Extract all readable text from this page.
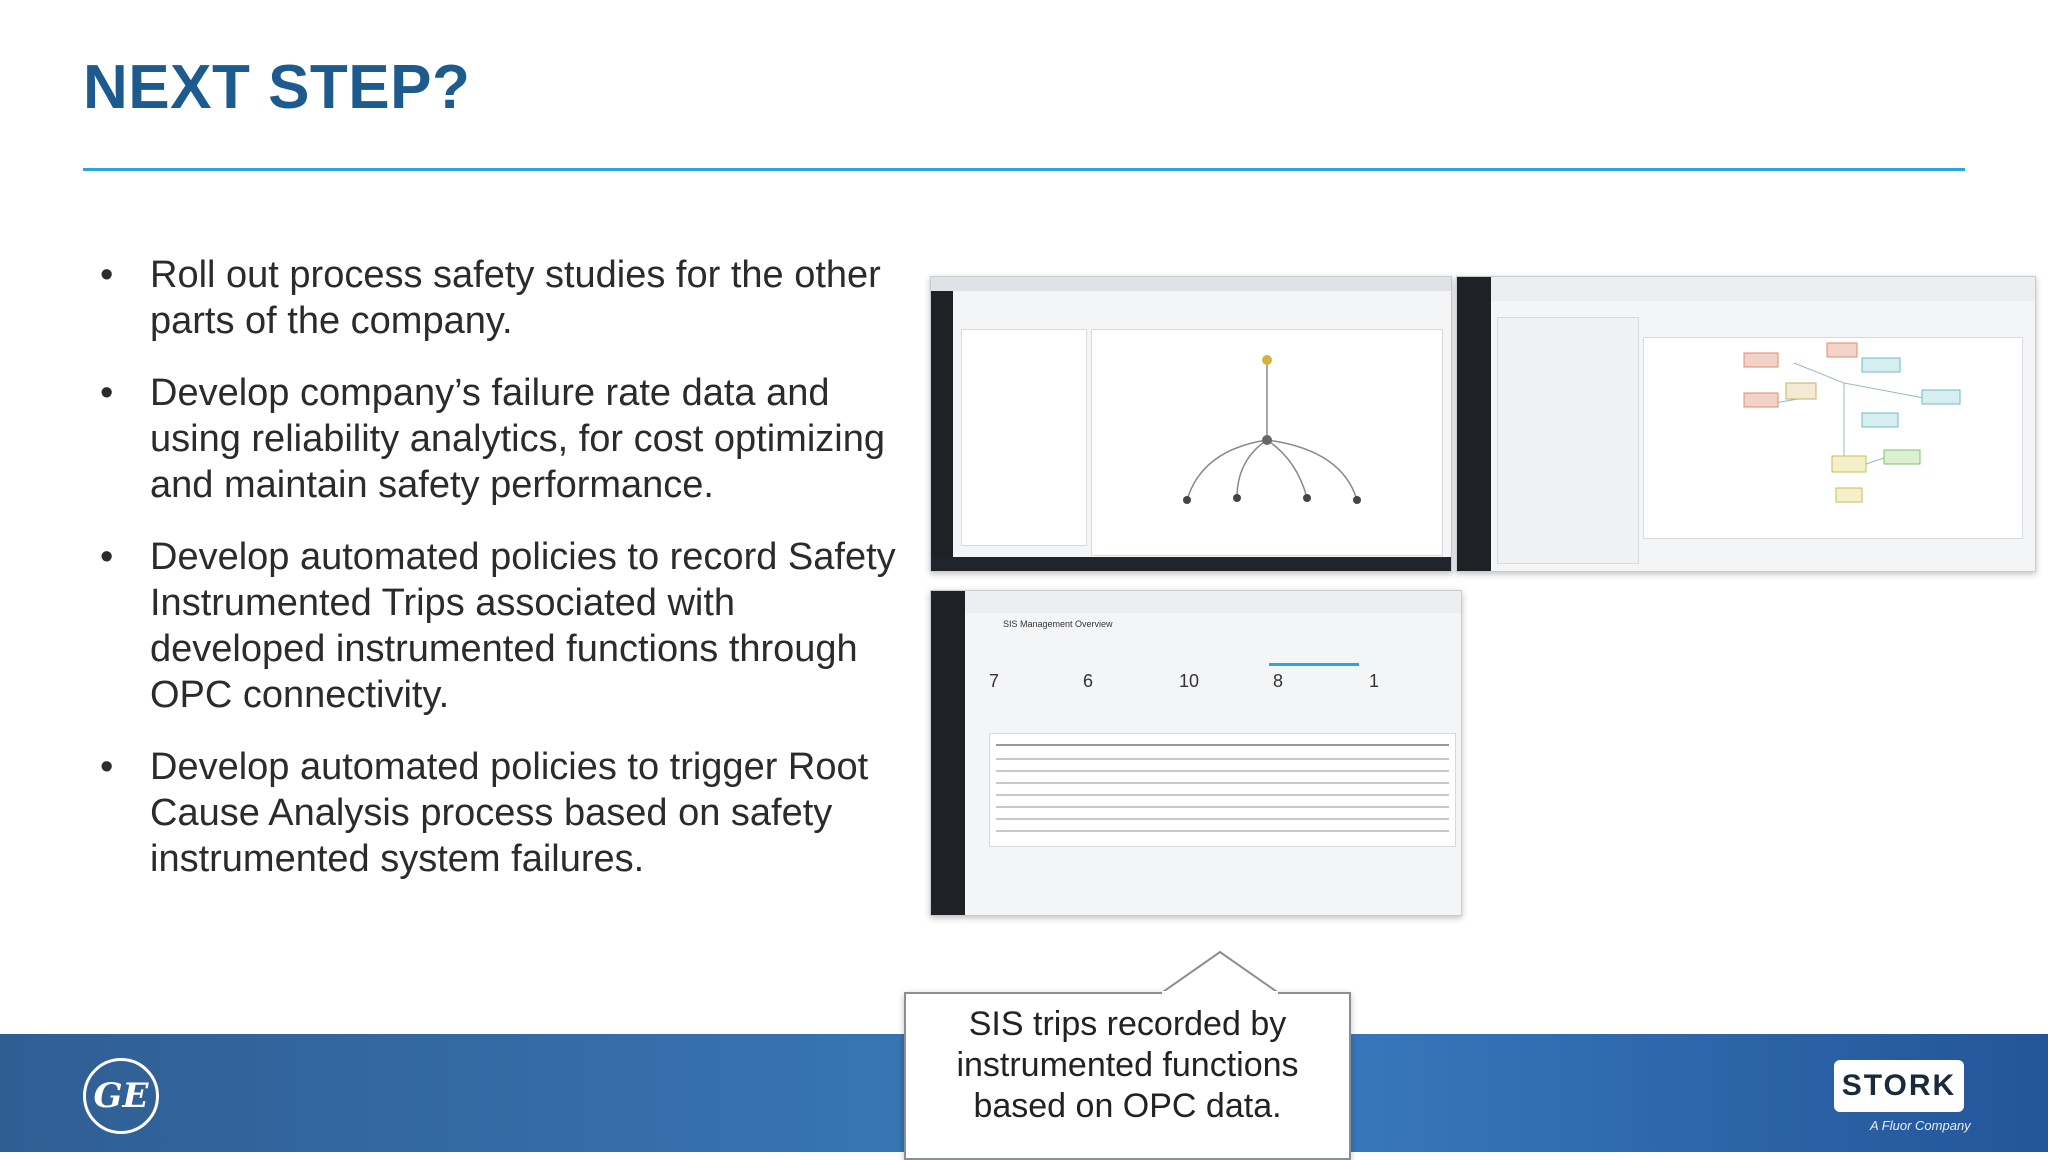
NEXT STEP?
• Roll out process safety studies for the other parts of the company.
• Develop company’s failure rate data and using reliability analytics, for cost optimizing and maintain safety performance.
• Develop automated policies to record Safety Instrumented Trips associated with developed instrumented functions through OPC connectivity.
• Develop automated policies to trigger Root Cause Analysis process based on safety instrumented system failures.
SIS Management Overview
7	6	10	8	1
GE	STORK
A Fluor Company
SIS trips recorded by
instrumented functions
based on OPC data.
